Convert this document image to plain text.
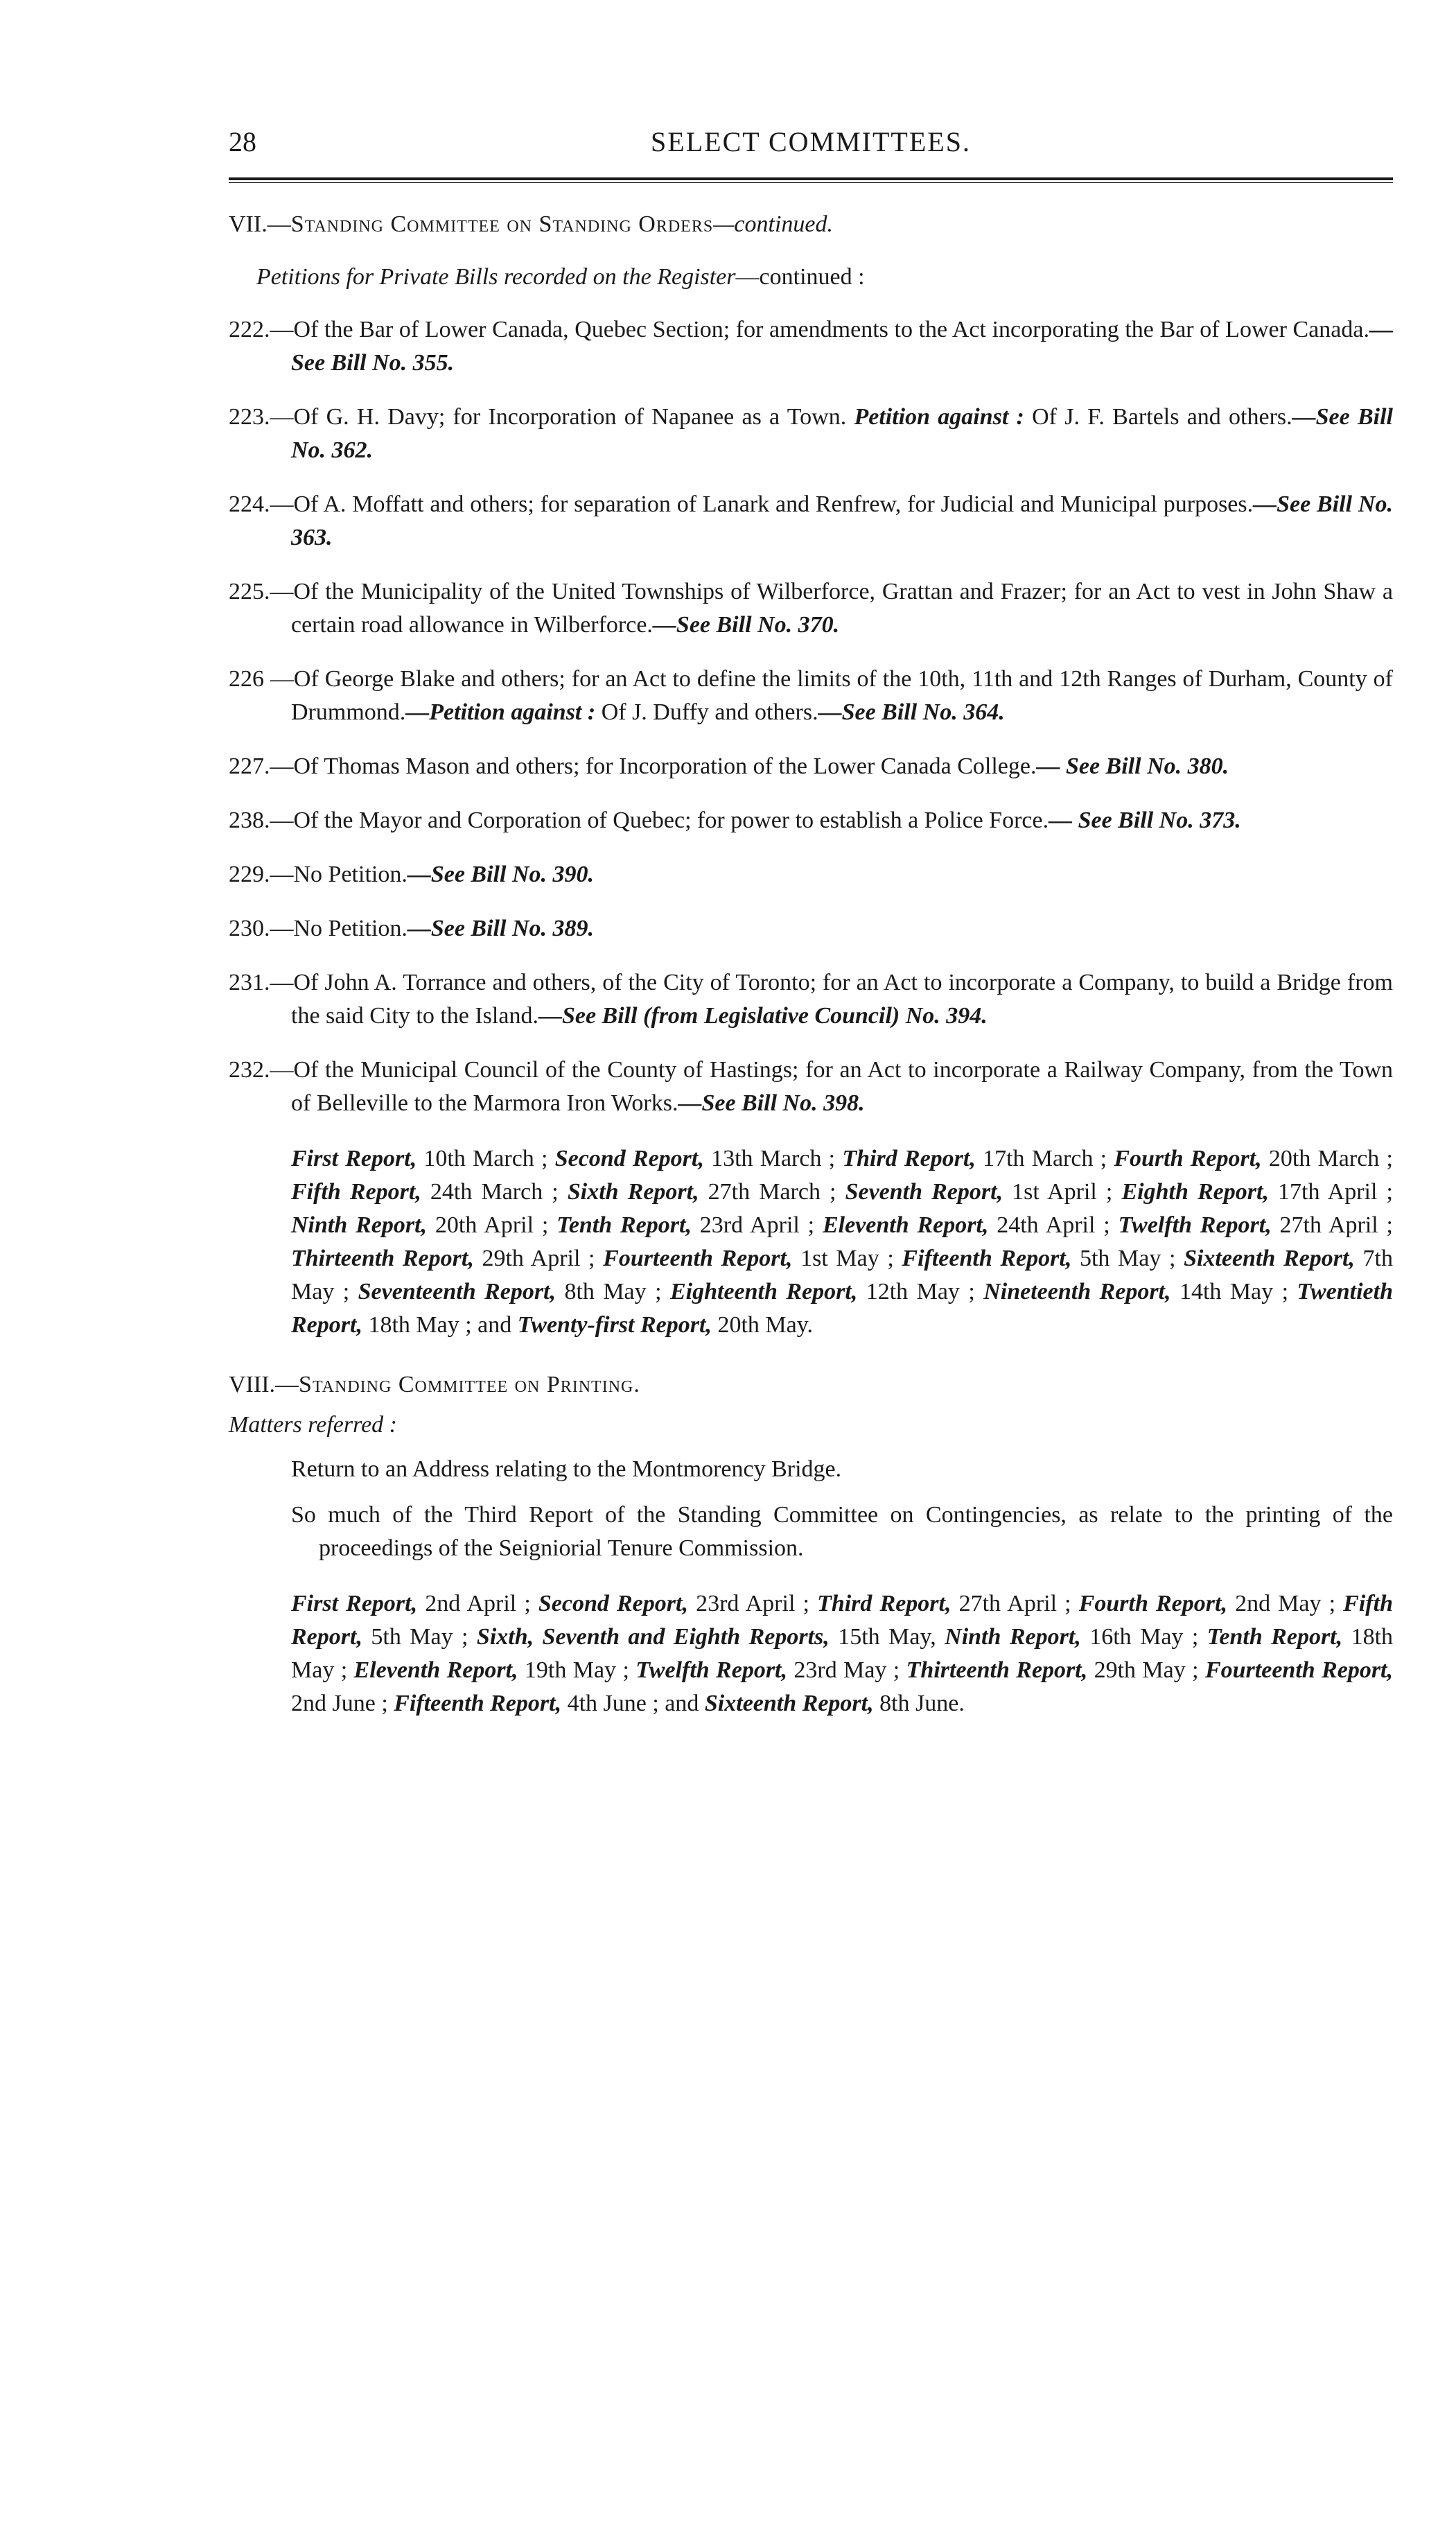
28	SELECT COMMITTEES.
VII.—Standing Committee on Standing Orders—continued.
Petitions for Private Bills recorded on the Register—continued :
222.—Of the Bar of Lower Canada, Quebec Section; for amendments to the Act incorporating the Bar of Lower Canada.—See Bill No. 355.
223.—Of G. H. Davy; for Incorporation of Napanee as a Town. Petition against : Of J. F. Bartels and others.—See Bill No. 362.
224.—Of A. Moffatt and others; for separation of Lanark and Renfrew, for Judicial and Municipal purposes.—See Bill No. 363.
225.—Of the Municipality of the United Townships of Wilberforce, Grattan and Frazer; for an Act to vest in John Shaw a certain road allowance in Wilberforce.—See Bill No. 370.
226 —Of George Blake and others; for an Act to define the limits of the 10th, 11th and 12th Ranges of Durham, County of Drummond.—Petition against : Of J. Duffy and others.—See Bill No. 364.
227.—Of Thomas Mason and others; for Incorporation of the Lower Canada College.— See Bill No. 380.
238.—Of the Mayor and Corporation of Quebec; for power to establish a Police Force.— See Bill No. 373.
229.—No Petition.—See Bill No. 390.
230.—No Petition.—See Bill No. 389.
231.—Of John A. Torrance and others, of the City of Toronto; for an Act to incorporate a Company, to build a Bridge from the said City to the Island.—See Bill (from Legislative Council) No. 394.
232.—Of the Municipal Council of the County of Hastings; for an Act to incorporate a Railway Company, from the Town of Belleville to the Marmora Iron Works.—See Bill No. 398.
First Report, 10th March ; Second Report, 13th March ; Third Report, 17th March ; Fourth Report, 20th March ; Fifth Report, 24th March ; Sixth Report, 27th March ; Seventh Report, 1st April ; Eighth Report, 17th April ; Ninth Report, 20th April ; Tenth Report, 23rd April ; Eleventh Report, 24th April ; Twelfth Report, 27th April ; Thirteenth Report, 29th April ; Fourteenth Report, 1st May ; Fifteenth Report, 5th May ; Sixteenth Report, 7th May ; Seventeenth Report, 8th May ; Eighteenth Report, 12th May ; Nineteenth Report, 14th May ; Twentieth Report, 18th May ; and Twenty-first Report, 20th May.
VIII.—Standing Committee on Printing.
Matters referred :
Return to an Address relating to the Montmorency Bridge.
So much of the Third Report of the Standing Committee on Contingencies, as relate to the printing of the proceedings of the Seigniorial Tenure Commission.
First Report, 2nd April ; Second Report, 23rd April ; Third Report, 27th April ; Fourth Report, 2nd May ; Fifth Report, 5th May ; Sixth, Seventh and Eighth Reports, 15th May, Ninth Report, 16th May ; Tenth Report, 18th May ; Eleventh Report, 19th May ; Twelfth Report, 23rd May ; Thirteenth Report, 29th May ; Fourteenth Report, 2nd June ; Fifteenth Report, 4th June ; and Sixteenth Report, 8th June.
